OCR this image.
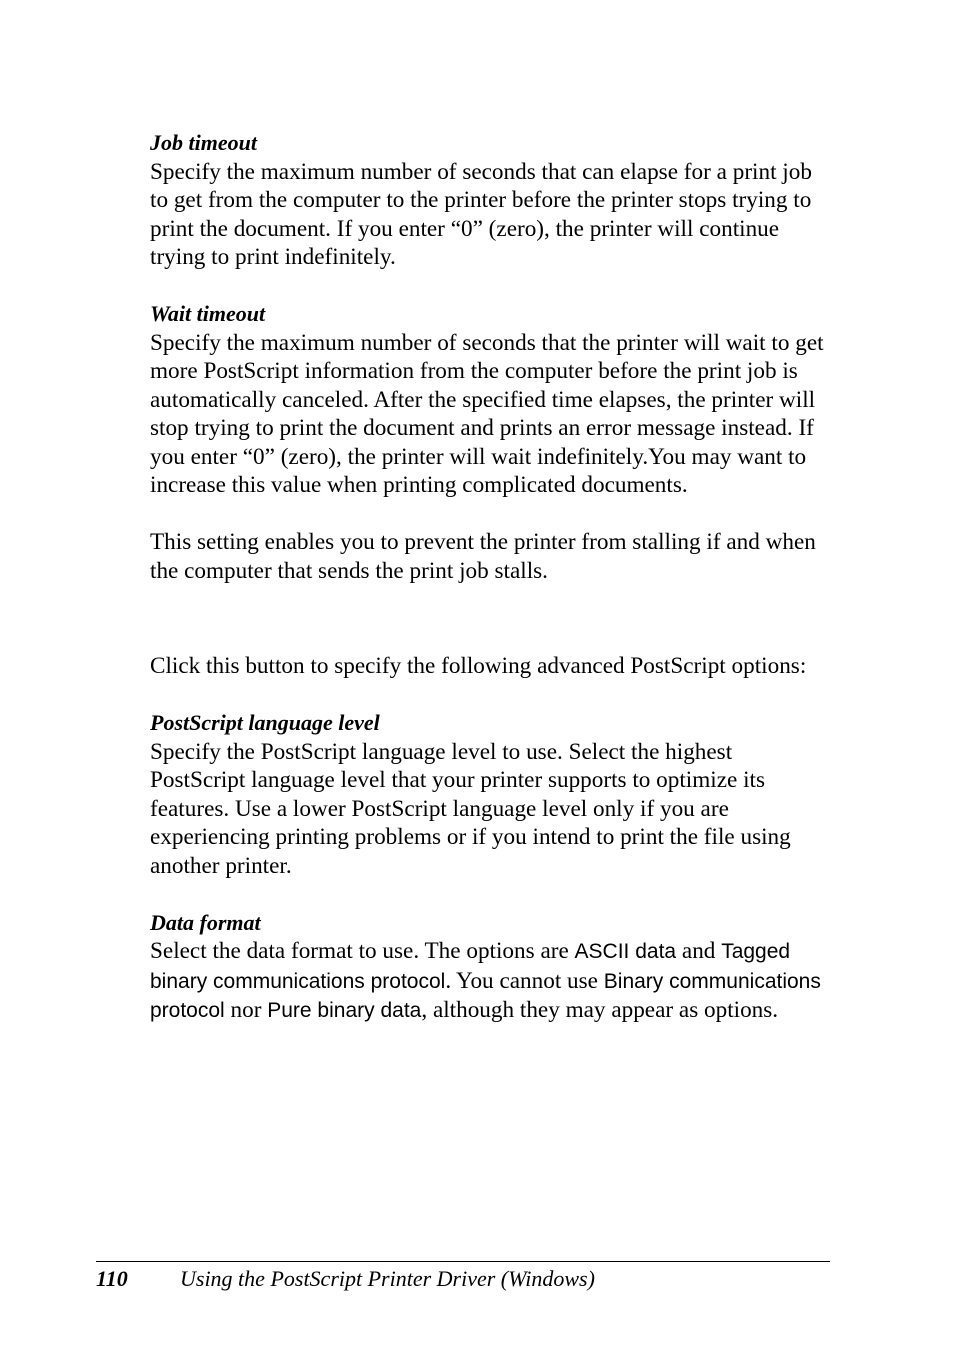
Job timeout

Specify the maximum number of seconds that can elapse for a print job to get from the computer to the printer before the printer stops trying to print the document. If you enter “0” (zero), the printer will continue trying to print indefinitely.

Wait timeout

Specify the maximum number of seconds that the printer will wait to get more PostScript information from the computer before the print job is automatically canceled. After the specified time elapses, the printer will stop trying to print the document and prints an error message instead. If you enter “0” (zero), the printer will wait indefinitely.You may want to increase this value when printing complicated documents.

This setting enables you to prevent the printer from stalling if and when the computer that sends the print job stalls.

Click this button to specify the following advanced PostScript options:

PostScript language level

Specify the PostScript language level to use. Select the highest PostScript language level that your printer supports to optimize its features. Use a lower PostScript language level only if you are experiencing printing problems or if you intend to print the file using another printer.

Data format

Select the data format to use. The options are ASCII data and Tagged binary communications protocol. You cannot use Binary communications protocol nor Pure binary data, although they may appear as options.

110 Using the PostScript Printer Driver (Windows)
